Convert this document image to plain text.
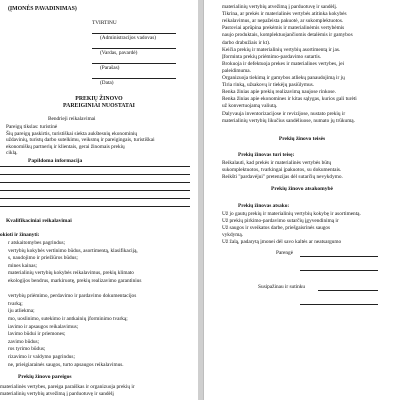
(ĮMONĖS PAVADINIMAS)
TVIRTINU
(Administracijos vadovas)
(Vardas, pavardė)
(Parašas)
(Data)
PREKIŲ ŽINOVO
PAREIGINIAI NUOSTATAI
Bendrieji reikalavimai
Pareigų tikslas: turistinė
Šių pareigų paskirtis, turistiškai siekta aukštesnių ekonominių
uždavinių, turistų darbo sutelkimu, veiksmų ir pareigingais, turistiškai
ekonomiškų partnerių ir klientais, gerai žinomais prekių
ciklą.
Papildoma informacija
Kvalifikaciniai reikalavimai
okioti ir žinanyti:
r atskaitomybes pagrindus;
vertybių kokybės vertinimo būdus, asortimentą, klasifikaciją,
s, naudojimo ir priežiūros būdus;
mines kainas;
materialinių vertybių kokybės reikalavimus, prekių klimato
ekologijos bendrus, markiruotę, prekių realizavimo garantinius
vertybių priėmimo, perdavimo ir pardavimo dokumentacijos
tvarką;
iju atliekma;
mo, uoslinimo, sutekimo ir antkainių įforminimo tvarką;
iavimo ir apsaugos reikalavimus;
lavimo būdui ir priemones;
zavimo būdus;
ros tyrimo būdus;
rizavimo ir valdymo pagrindus;
ne, prieigiarainės saugos, turto apsaugos reikalavimus.
Prekių žinovo pareigos
materialinės vertybes, pareiga paraiškas ir organizuoja prekių ir
materialinių vertybių atvežimą į parduotuvę ir sandėlį
materialinių vertybių atvežimą į parduotuvę ir sandėlį.
Tikrina, ar prekės ir materialinės vertybės atitinka kokybės
reikalavimus, ar nepažeista pakuotė, ar sukomplektuotos.
Pastoviai aprūpina prekėmis ir materialinėmis vertybėmis
naujo produktais, komplektuojančiomis detalėmis ir gamybos
darbo drabužiais ir kt).
Keičia prekių ir materialinių vertybių asortimentą ir jas.
Įforminta prekių priėmimo-pardavimo sutartis.
Brokuoja ir defektuoja prekes ir materialines vertybes, jei
paleidimuma.
Organizuoja tiekimą ir gamybos atliekų panaudojimą ir jų
Tiria rinką, užsakovų ir tiekėjų pasiūlymus.
Renka žinias apie prekių realizavimą naujose rinkose.
Renka žinias apie ekonomines ir kitas sąlygas, kurios gali turėti
už konvertuojamą valiutą.
Dalyvauja inventorizacijose ir revizijose, nustato prekių ir
materialinių vertybių likučius sandėliuose, numato jų trūkumą.
Prekių žinovo teisės
Prekių žinovas turi teisę:
Reikalauti, kad prekės ir materialinės vertybės būtų
sukomplektuotos, tvarkingai įpakuotos, su dokumentais.
Reikšti "pardavėjui" pretenzijas dėl sutarčių nevykdymo.
Prekių žinovo atsakomybė
Prekių žinovas atsako:
Už jo gautų prekių ir materialinių vertybių kokybę ir asortimentą.
Už prekių pirkimo-pardavimo sutarčių įgyvendinimą ir
Už saugos ir sveikatos darbe, priešgaisrinės saugos
vykdymą.
Už žalą, padarytą įmonei dėl savo kaltės ar neatsargumo
Parengė
Susipažinau ir sutinku
